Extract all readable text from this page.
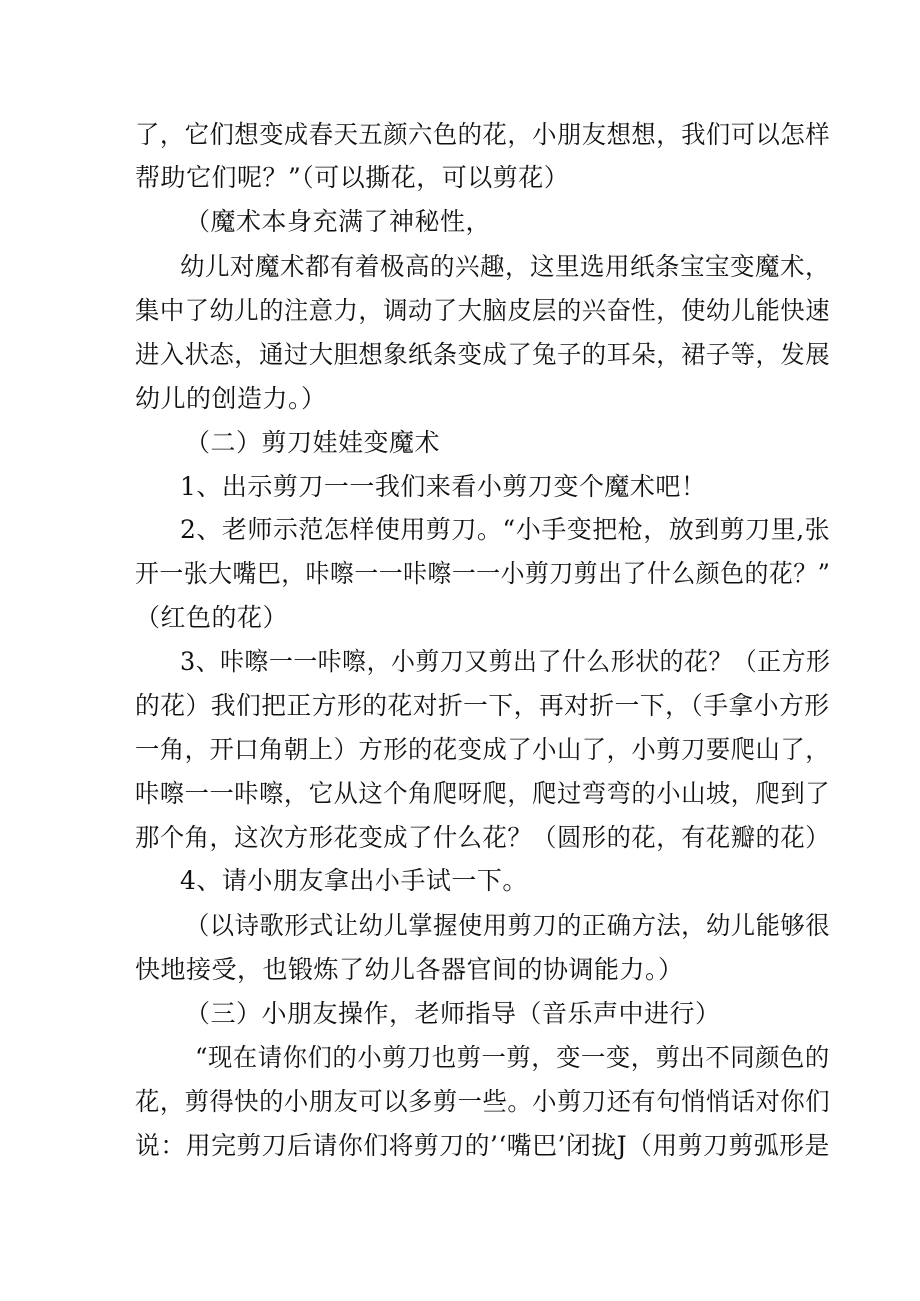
了，它们想变成春天五颜六色的花，小朋友想想，我们可以怎样
帮助它们呢？”（可以撕花，可以剪花）
（魔术本身充满了神秘性，
幼儿对魔术都有着极高的兴趣，这里选用纸条宝宝变魔术，
集中了幼儿的注意力，调动了大脑皮层的兴奋性，使幼儿能快速
进入状态，通过大胆想象纸条变成了兔子的耳朵，裙子等，发展
幼儿的创造力。）
（二）剪刀娃娃变魔术
1、出示剪刀一一我们来看小剪刀变个魔术吧！
2、老师示范怎样使用剪刀。“小手变把枪，放到剪刀里,张
开一张大嘴巴，咔嚓一一咔嚓一一小剪刀剪出了什么颜色的花？”
（红色的花）
3、咔嚓一一咔嚓，小剪刀又剪出了什么形状的花？（正方形
的花）我们把正方形的花对折一下，再对折一下，（手拿小方形
一角，开口角朝上）方形的花变成了小山了，小剪刀要爬山了，
咔嚓一一咔嚓，它从这个角爬呀爬，爬过弯弯的小山坡，爬到了
那个角，这次方形花变成了什么花？（圆形的花，有花瓣的花）
4、请小朋友拿出小手试一下。
（以诗歌形式让幼儿掌握使用剪刀的正确方法，幼儿能够很
快地接受，也锻炼了幼儿各器官间的协调能力。）
（三）小朋友操作，老师指导（音乐声中进行）
“现在请你们的小剪刀也剪一剪，变一变，剪出不同颜色的
花，剪得快的小朋友可以多剪一些。小剪刀还有句悄悄话对你们
说：用完剪刀后请你们将剪刀的’‘嘴巴’闭拢J（用剪刀剪弧形是
